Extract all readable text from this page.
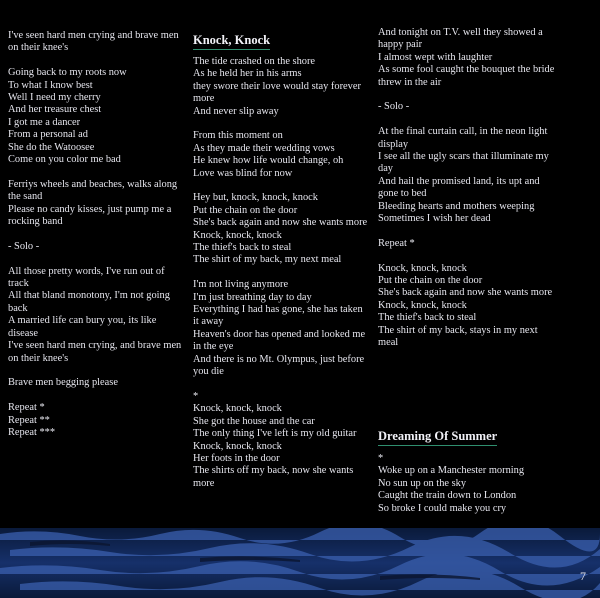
I've seen hard men crying and brave men on their knee's
Going back to my roots now
To what I know best
Well I need my cherry
And her treasure chest
I got me a dancer
From a personal ad
She do the Watoosee
Come on you color me bad
Ferriys wheels and beaches, walks along the sand
Please no candy kisses, just pump me a rocking band
- Solo -
All those pretty words, I've run out of track
All that bland monotony, I'm not going back
A married life can bury you, its like disease
I've seen hard men crying, and brave men on their knee's
Brave men begging please
Repeat *
Repeat **
Repeat ***
Knock, Knock
The tide crashed on the shore
As he held her in his arms
they swore their love would stay forever more
And never slip away
From this moment on
As they made their wedding vows
He knew how life would change, oh
Love was blind for now
Hey but, knock, knock, knock
Put the chain on the door
She's back again and now she wants more
Knock, knock, knock
The thief's back to steal
The shirt of my back, my next meal
I'm not living anymore
I'm just breathing day to day
Everything I had has gone, she has taken it away
Heaven's door has opened and looked me in the eye
And there is no Mt. Olympus, just before you die
*
Knock, knock, knock
She got the house and the car
The only thing I've left is my old guitar
Knock, knock, knock
Her foots in the door
The shirts off my back, now she wants more
And tonight on T.V. well they showed a happy pair
I almost wept with laughter
As some fool caught the bouquet the bride threw in the air
- Solo -
At the final curtain call, in the neon light display
I see all the ugly scars that illuminate my day
And hail the promised land, its upt and gone to bed
Bleeding hearts and mothers weeping
Sometimes I wish her dead
Repeat *
Knock, knock, knock
Put the chain on the door
She's back again and now she wants more
Knock, knock, knock
The thief's back to steal
The shirt of my back, stays in my next meal
Dreaming Of Summer
*
Woke up on a Manchester morning
No sun up on the sky
Caught the train down to London
So broke I could make you cry
7
